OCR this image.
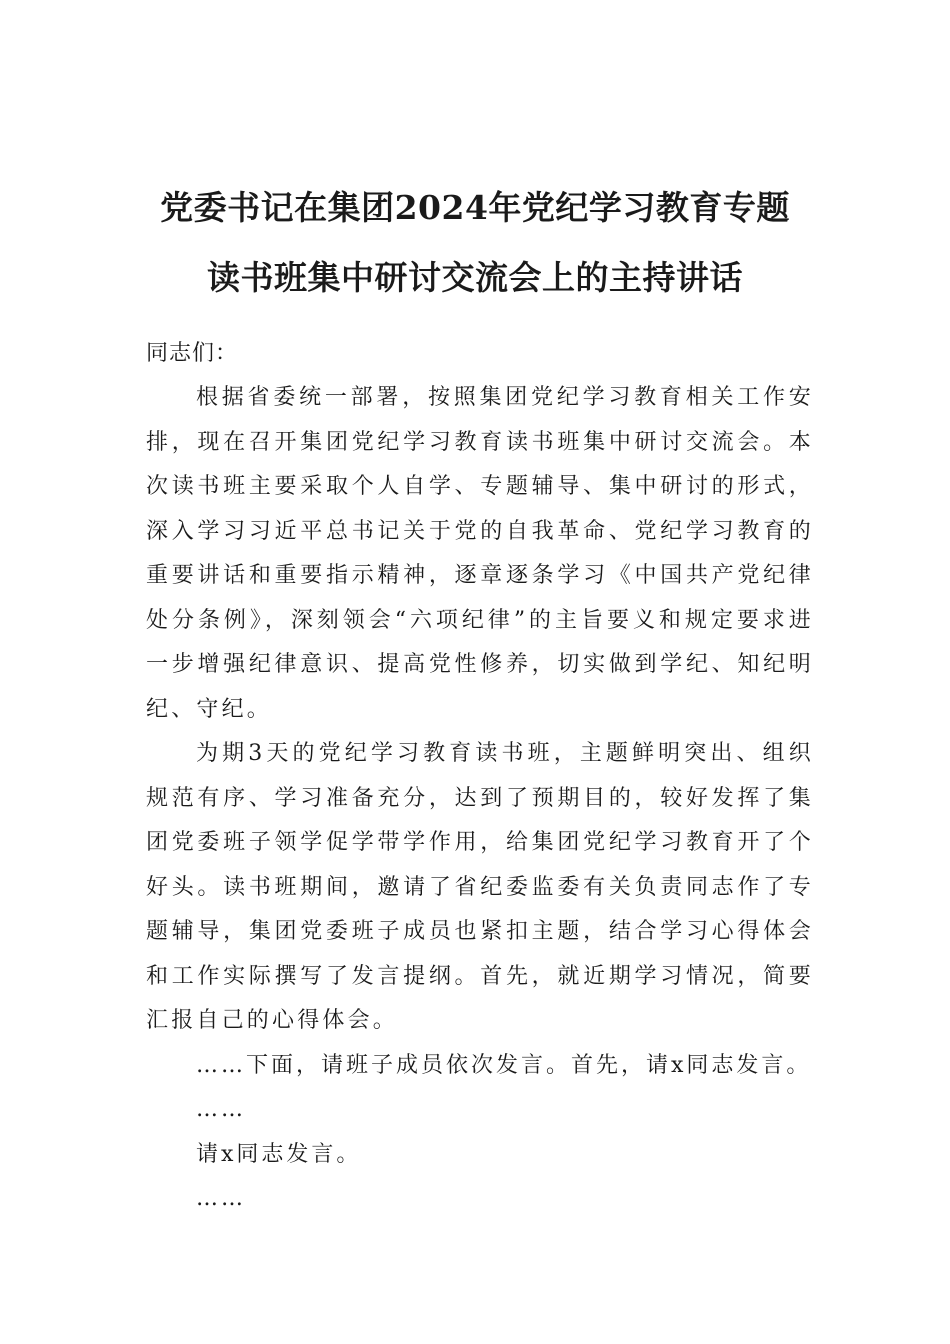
党委书记在集团2024年党纪学习教育专题
读书班集中研讨交流会上的主持讲话

同志们：

根据省委统一部署，按照集团党纪学习教育相关工作安排，现在召开集团党纪学习教育读书班集中研讨交流会。本次读书班主要采取个人自学、专题辅导、集中研讨的形式，深入学习习近平总书记关于党的自我革命、党纪学习教育的重要讲话和重要指示精神，逐章逐条学习《中国共产党纪律处分条例》，深刻领会“六项纪律”的主旨要义和规定要求进一步增强纪律意识、提高党性修养，切实做到学纪、知纪明纪、守纪。

为期3天的党纪学习教育读书班，主题鲜明突出、组织规范有序、学习准备充分，达到了预期目的，较好发挥了集团党委班子领学促学带学作用，给集团党纪学习教育开了个好头。读书班期间，邀请了省纪委监委有关负责同志作了专题辅导，集团党委班子成员也紧扣主题，结合学习心得体会和工作实际撰写了发言提纲。首先，就近期学习情况，简要汇报自己的心得体会。

……下面，请班子成员依次发言。首先，请x同志发言。

……

请x同志发言。

……
